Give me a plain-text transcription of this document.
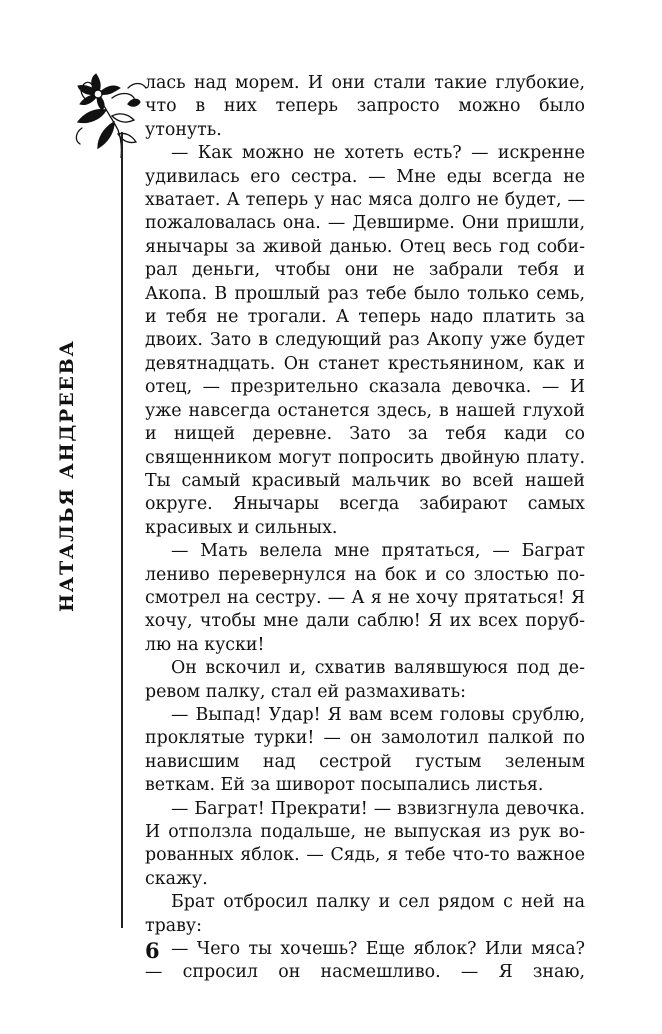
НАТАЛЬЯ АНДРЕЕВА

лась над морем. И они стали такие глубокие, что в них теперь запросто можно было утонуть.

— Как можно не хотеть есть? — искренне удивилась его сестра. — Мне еды всегда не хватает. А теперь у нас мяса долго не будет, — пожаловалась она. — Девширме. Они пришли, янычары за живой данью. Отец весь год собирал деньги, чтобы они не забрали тебя и Акопа. В прошлый раз тебе было только семь, и тебя не трогали. А теперь надо платить за двоих. Зато в следующий раз Акопу уже будет девятнадцать. Он станет крестьянином, как и отец, — презрительно сказала девочка. — И уже навсегда останется здесь, в нашей глухой и нищей деревне. Зато за тебя кади со священником могут попросить двойную плату. Ты самый красивый мальчик во всей нашей округе. Янычары всегда забирают самых красивых и сильных.

— Мать велела мне прятаться, — Баграт лениво перевернулся на бок и со злостью посмотрел на сестру. — А я не хочу прятаться! Я хочу, чтобы мне дали саблю! Я их всех порублю на куски!

Он вскочил и, схватив валявшуюся под деревом палку, стал ей размахивать:

— Выпад! Удар! Я вам всем головы срублю, проклятые турки! — он замолотил палкой по нависшим над сестрой густым зеленым веткам. Ей за шиворот посыпались листья.

— Баграт! Прекрати! — взвизгнула девочка. И отползла подальше, не выпуская из рук ворованных яблок. — Сядь, я тебе что-то важное скажу.

Брат отбросил палку и сел рядом с ней на траву:

— Чего ты хочешь? Еще яблок? Или мяса? — спросил он насмешливо. — Я знаю,

6
